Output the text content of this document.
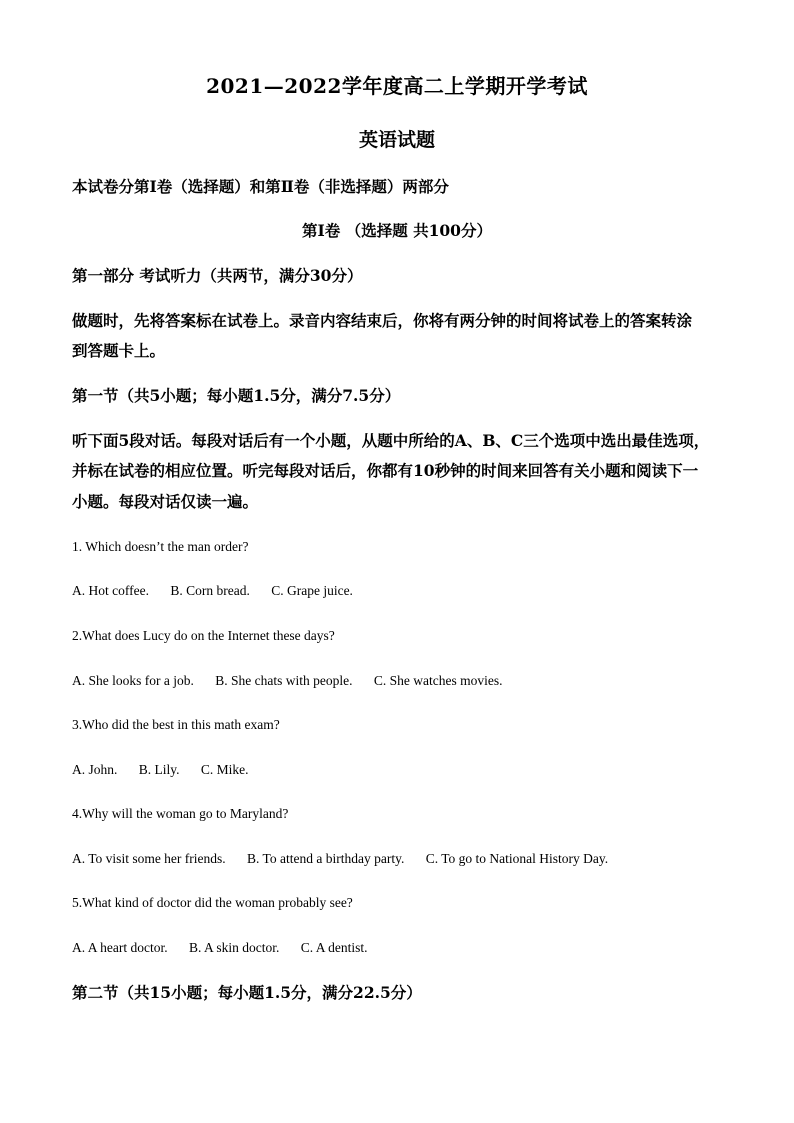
2021—2022学年度高二上学期开学考试
英语试题

本试卷分第Ⅰ卷（选择题）和第Ⅱ卷（非选择题）两部分

第Ⅰ卷 （选择题 共100分）

第一部分 考试听力（共两节，满分30分）

做题时，先将答案标在试卷上。录音内容结束后，你将有两分钟的时间将试卷上的答案转涂

到答题卡上。

第一节（共5小题；每小题1.5分，满分7.5分）

听下面5段对话。每段对话后有一个小题，从题中所给的A、B、C三个选项中选出最佳选项，

并标在试卷的相应位置。听完每段对话后，你都有10秒钟的时间来回答有关小题和阅读下一

小题。每段对话仅读一遍。

1. Which doesn’t the man order?

A. Hot coffee. B. Corn bread. C. Grape juice.

2.What does Lucy do on the Internet these days?

A. She looks for a job. B. She chats with people. C. She watches movies.

3.Who did the best in this math exam?

A. John. B. Lily. C. Mike.

4.Why will the woman go to Maryland?

A. To visit some her friends. B. To attend a birthday party. C. To go to National History Day.

5.What kind of doctor did the woman probably see?

A. A heart doctor. B. A skin doctor. C. A dentist.

第二节（共15小题；每小题1.5分，满分22.5分）
